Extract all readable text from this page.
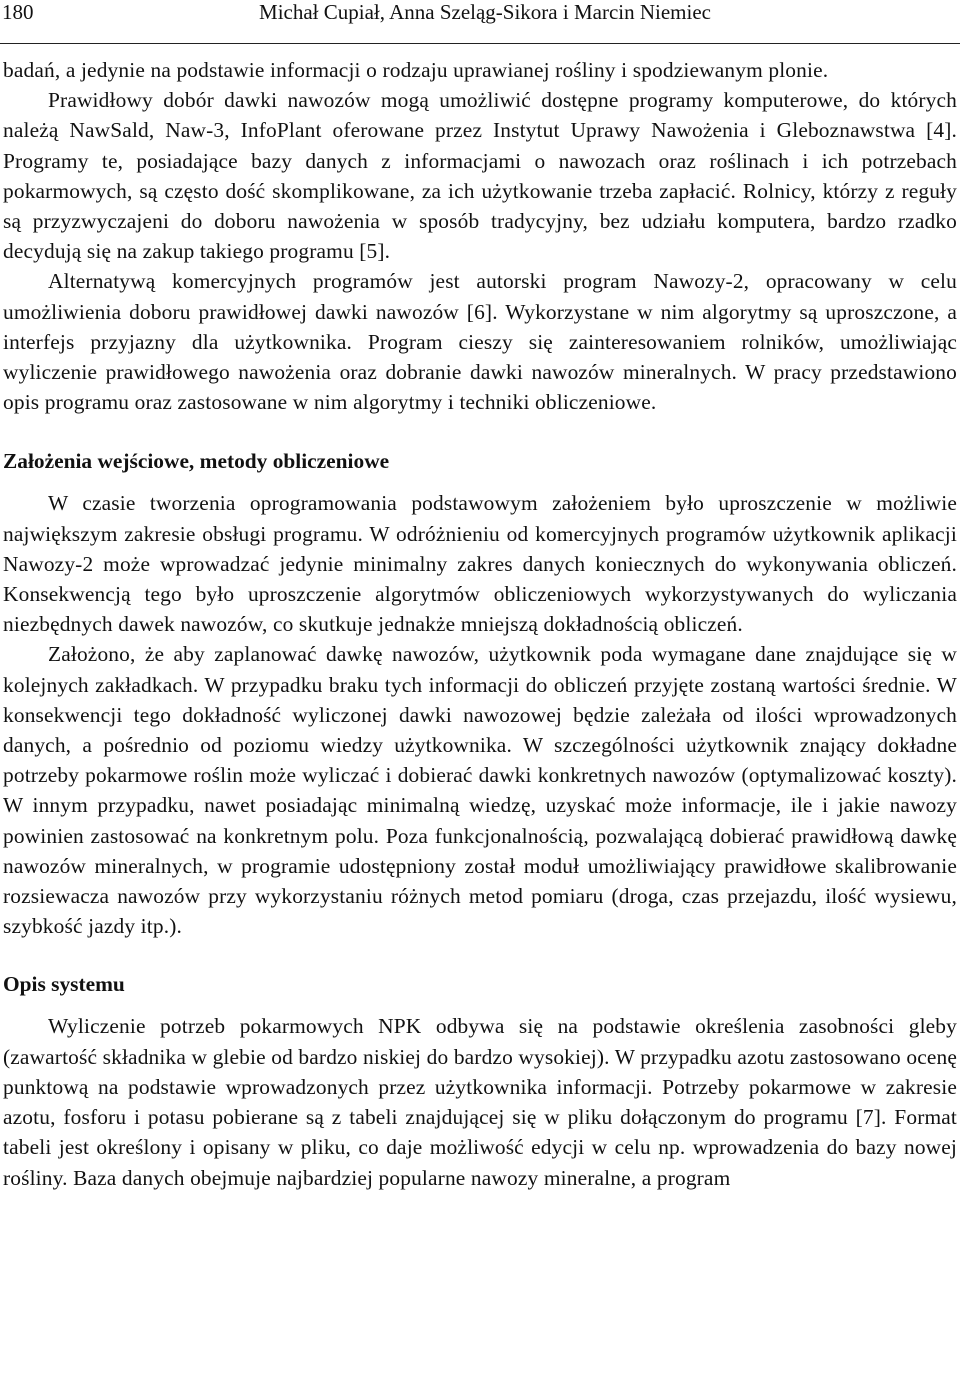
180	Michał Cupiał, Anna Szeląg-Sikora i Marcin Niemiec

badań, a jedynie na podstawie informacji o rodzaju uprawianej rośliny i spodziewanym plonie.

Prawidłowy dobór dawki nawozów mogą umożliwić dostępne programy komputerowe, do których należą NawSald, Naw-3, InfoPlant oferowane przez Instytut Uprawy Nawożenia i Gleboznawstwa [4]. Programy te, posiadające bazy danych z informacjami o nawozach oraz roślinach i ich potrzebach pokarmowych, są często dość skomplikowane, za ich użytkowanie trzeba zapłacić. Rolnicy, którzy z reguły są przyzwyczajeni do doboru nawożenia w sposób tradycyjny, bez udziału komputera, bardzo rzadko decydują się na zakup takiego programu [5].

Alternatywą komercyjnych programów jest autorski program Nawozy-2, opracowany w celu umożliwienia doboru prawidłowej dawki nawozów [6]. Wykorzystane w nim algorytmy są uproszczone, a interfejs przyjazny dla użytkownika. Program cieszy się zainteresowaniem rolników, umożliwiając wyliczenie prawidłowego nawożenia oraz dobranie dawki nawozów mineralnych. W pracy przedstawiono opis programu oraz zastosowane w nim algorytmy i techniki obliczeniowe.

Założenia wejściowe, metody obliczeniowe

W czasie tworzenia oprogramowania podstawowym założeniem było uproszczenie w możliwie największym zakresie obsługi programu. W odróżnieniu od komercyjnych programów użytkownik aplikacji Nawozy-2 może wprowadzać jedynie minimalny zakres danych koniecznych do wykonywania obliczeń. Konsekwencją tego było uproszczenie algorytmów obliczeniowych wykorzystywanych do wyliczania niezbędnych dawek nawozów, co skutkuje jednakże mniejszą dokładnością obliczeń.

Założono, że aby zaplanować dawkę nawozów, użytkownik poda wymagane dane znajdujące się w kolejnych zakładkach. W przypadku braku tych informacji do obliczeń przyjęte zostaną wartości średnie. W konsekwencji tego dokładność wyliczonej dawki nawozowej będzie zależała od ilości wprowadzonych danych, a pośrednio od poziomu wiedzy użytkownika. W szczególności użytkownik znający dokładne potrzeby pokarmowe roślin może wyliczać i dobierać dawki konkretnych nawozów (optymalizować koszty). W innym przypadku, nawet posiadając minimalną wiedzę, uzyskać może informacje, ile i jakie nawozy powinien zastosować na konkretnym polu. Poza funkcjonalnością, pozwalającą dobierać prawidłową dawkę nawozów mineralnych, w programie udostępniony został moduł umożliwiający prawidłowe skalibrowanie rozsiewacza nawozów przy wykorzystaniu różnych metod pomiaru (droga, czas przejazdu, ilość wysiewu, szybkość jazdy itp.).

Opis systemu

Wyliczenie potrzeb pokarmowych NPK odbywa się na podstawie określenia zasobności gleby (zawartość składnika w glebie od bardzo niskiej do bardzo wysokiej). W przypadku azotu zastosowano ocenę punktową na podstawie wprowadzonych przez użytkownika informacji. Potrzeby pokarmowe w zakresie azotu, fosforu i potasu pobierane są z tabeli znajdującej się w pliku dołączonym do programu [7]. Format tabeli jest określony i opisany w pliku, co daje możliwość edycji w celu np. wprowadzenia do bazy nowej rośliny. Baza danych obejmuje najbardziej popularne nawozy mineralne, a program
